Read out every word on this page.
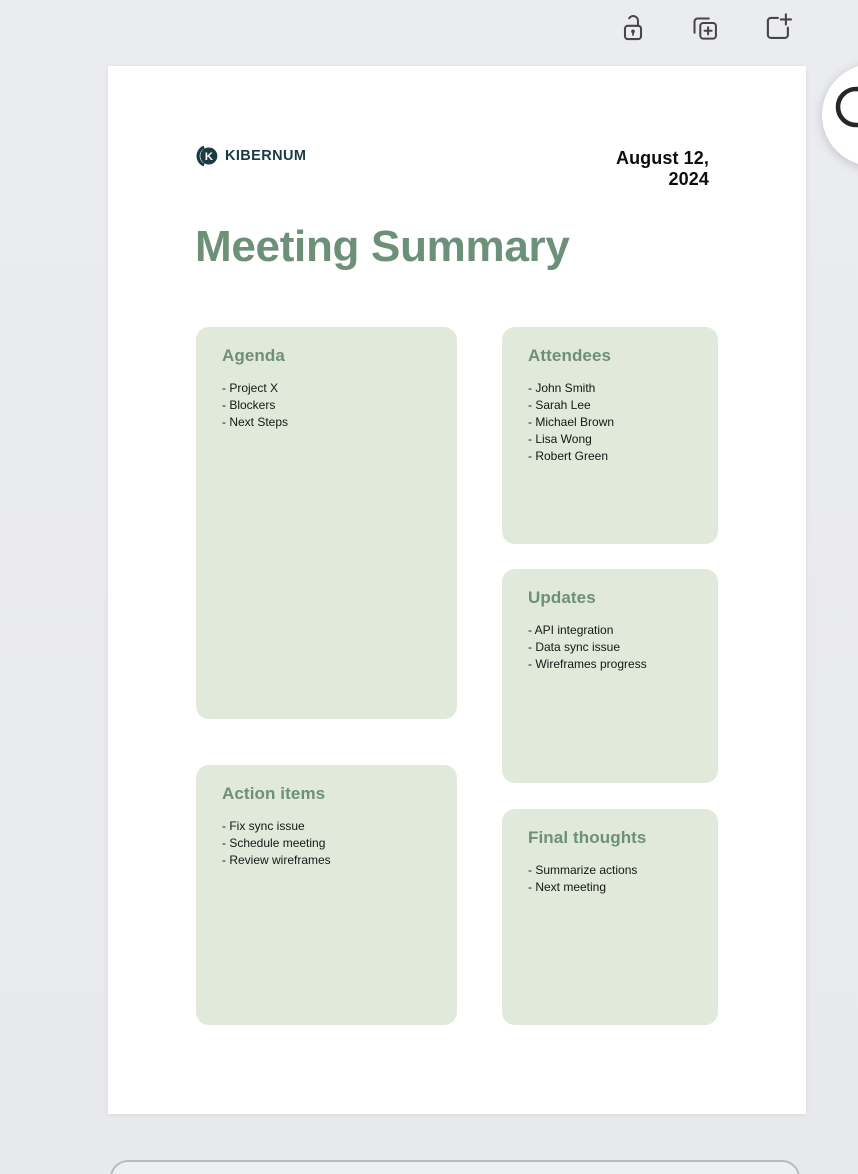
K KIBERNUM	August 12, 2024
Meeting Summary
Agenda
- Project X
- Blockers
- Next Steps
Attendees
- John Smith
- Sarah Lee
- Michael Brown
- Lisa Wong
- Robert Green
Updates
- API integration
- Data sync issue
- Wireframes progress
Action items
- Fix sync issue
- Schedule meeting
- Review wireframes
Final thoughts
- Summarize actions
- Next meeting
